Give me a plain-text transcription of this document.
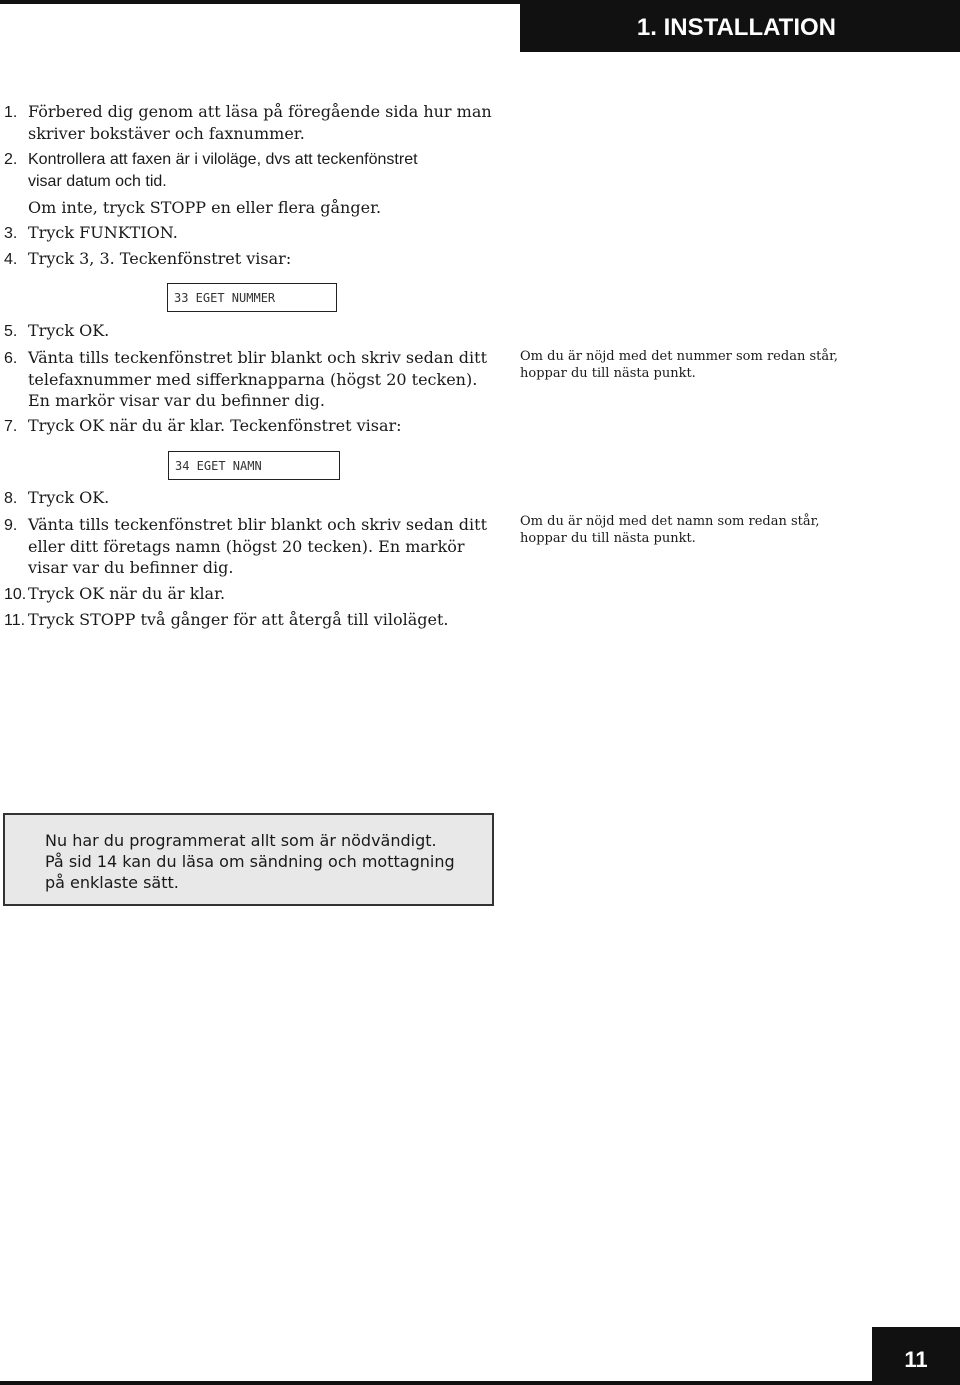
1. INSTALLATION
1. Förbered dig genom att läsa på föregående sida hur man
skriver bokstäver och faxnummer.
2. Kontrollera att faxen är i viloläge, dvs att teckenfönstret
visar datum och tid.
Om inte, tryck STOPP en eller flera gånger.
3. Tryck FUNKTION.
4. Tryck 3, 3. Teckenfönstret visar:
33 EGET NUMMER
5. Tryck OK.
6. Vänta tills teckenfönstret blir blankt och skriv sedan ditt
telefaxnummer med sifferknapparna (högst 20 tecken).
En markör visar var du befinner dig.
Om du är nöjd med det nummer som redan står,
hoppar du till nästa punkt.
7. Tryck OK när du är klar. Teckenfönstret visar:
34 EGET NAMN
8. Tryck OK.
9. Vänta tills teckenfönstret blir blankt och skriv sedan ditt
eller ditt företags namn (högst 20 tecken). En markör
visar var du befinner dig.
Om du är nöjd med det namn som redan står,
hoppar du till nästa punkt.
10. Tryck OK när du är klar.
11. Tryck STOPP två gånger för att återgå till viloläget.
Nu har du programmerat allt som är nödvändigt.
På sid 14 kan du läsa om sändning och mottagning
på enklaste sätt.
11
